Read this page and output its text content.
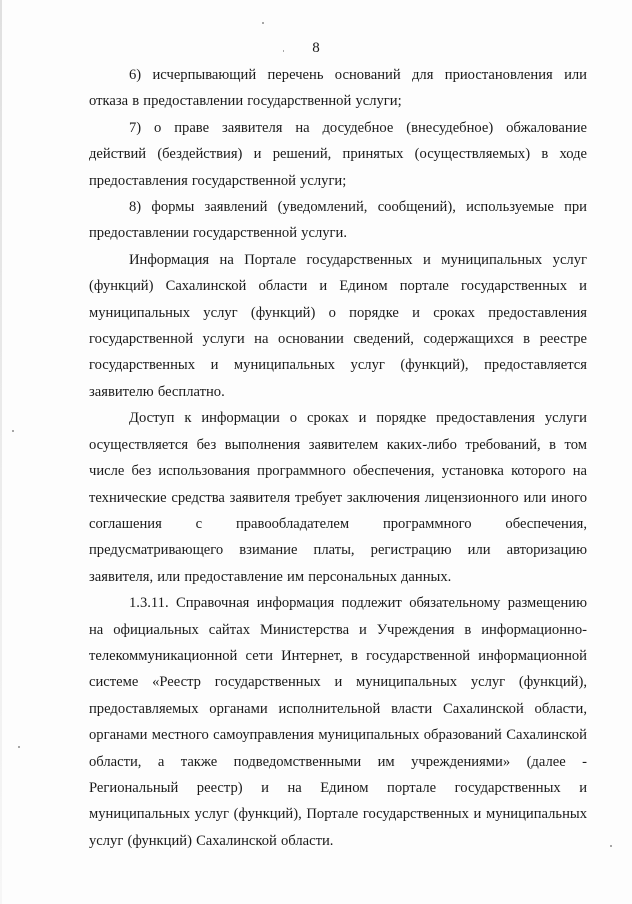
8

6) исчерпывающий перечень оснований для приостановления или отказа в предоставлении государственной услуги;

7) о праве заявителя на досудебное (внесудебное) обжалование действий (бездействия) и решений, принятых (осуществляемых) в ходе предоставления государственной услуги;

8) формы заявлений (уведомлений, сообщений), используемые при предоставлении государственной услуги.

Информация на Портале государственных и муниципальных услуг (функций) Сахалинской области и Едином портале государственных и муниципальных услуг (функций) о порядке и сроках предоставления государственной услуги на основании сведений, содержащихся в реестре государственных и муниципальных услуг (функций), предоставляется заявителю бесплатно.

Доступ к информации о сроках и порядке предоставления услуги осуществляется без выполнения заявителем каких-либо требований, в том числе без использования программного обеспечения, установка которого на технические средства заявителя требует заключения лицензионного или иного соглашения с правообладателем программного обеспечения, предусматривающего взимание платы, регистрацию или авторизацию заявителя, или предоставление им персональных данных.

1.3.11. Справочная информация подлежит обязательному размещению на официальных сайтах Министерства и Учреждения в информационно-телекоммуникационной сети Интернет, в государственной информационной системе «Реестр государственных и муниципальных услуг (функций), предоставляемых органами исполнительной власти Сахалинской области, органами местного самоуправления муниципальных образований Сахалинской области, а также подведомственными им учреждениями» (далее - Региональный реестр) и на Едином портале государственных и муниципальных услуг (функций), Портале государственных и муниципальных услуг (функций) Сахалинской области.
